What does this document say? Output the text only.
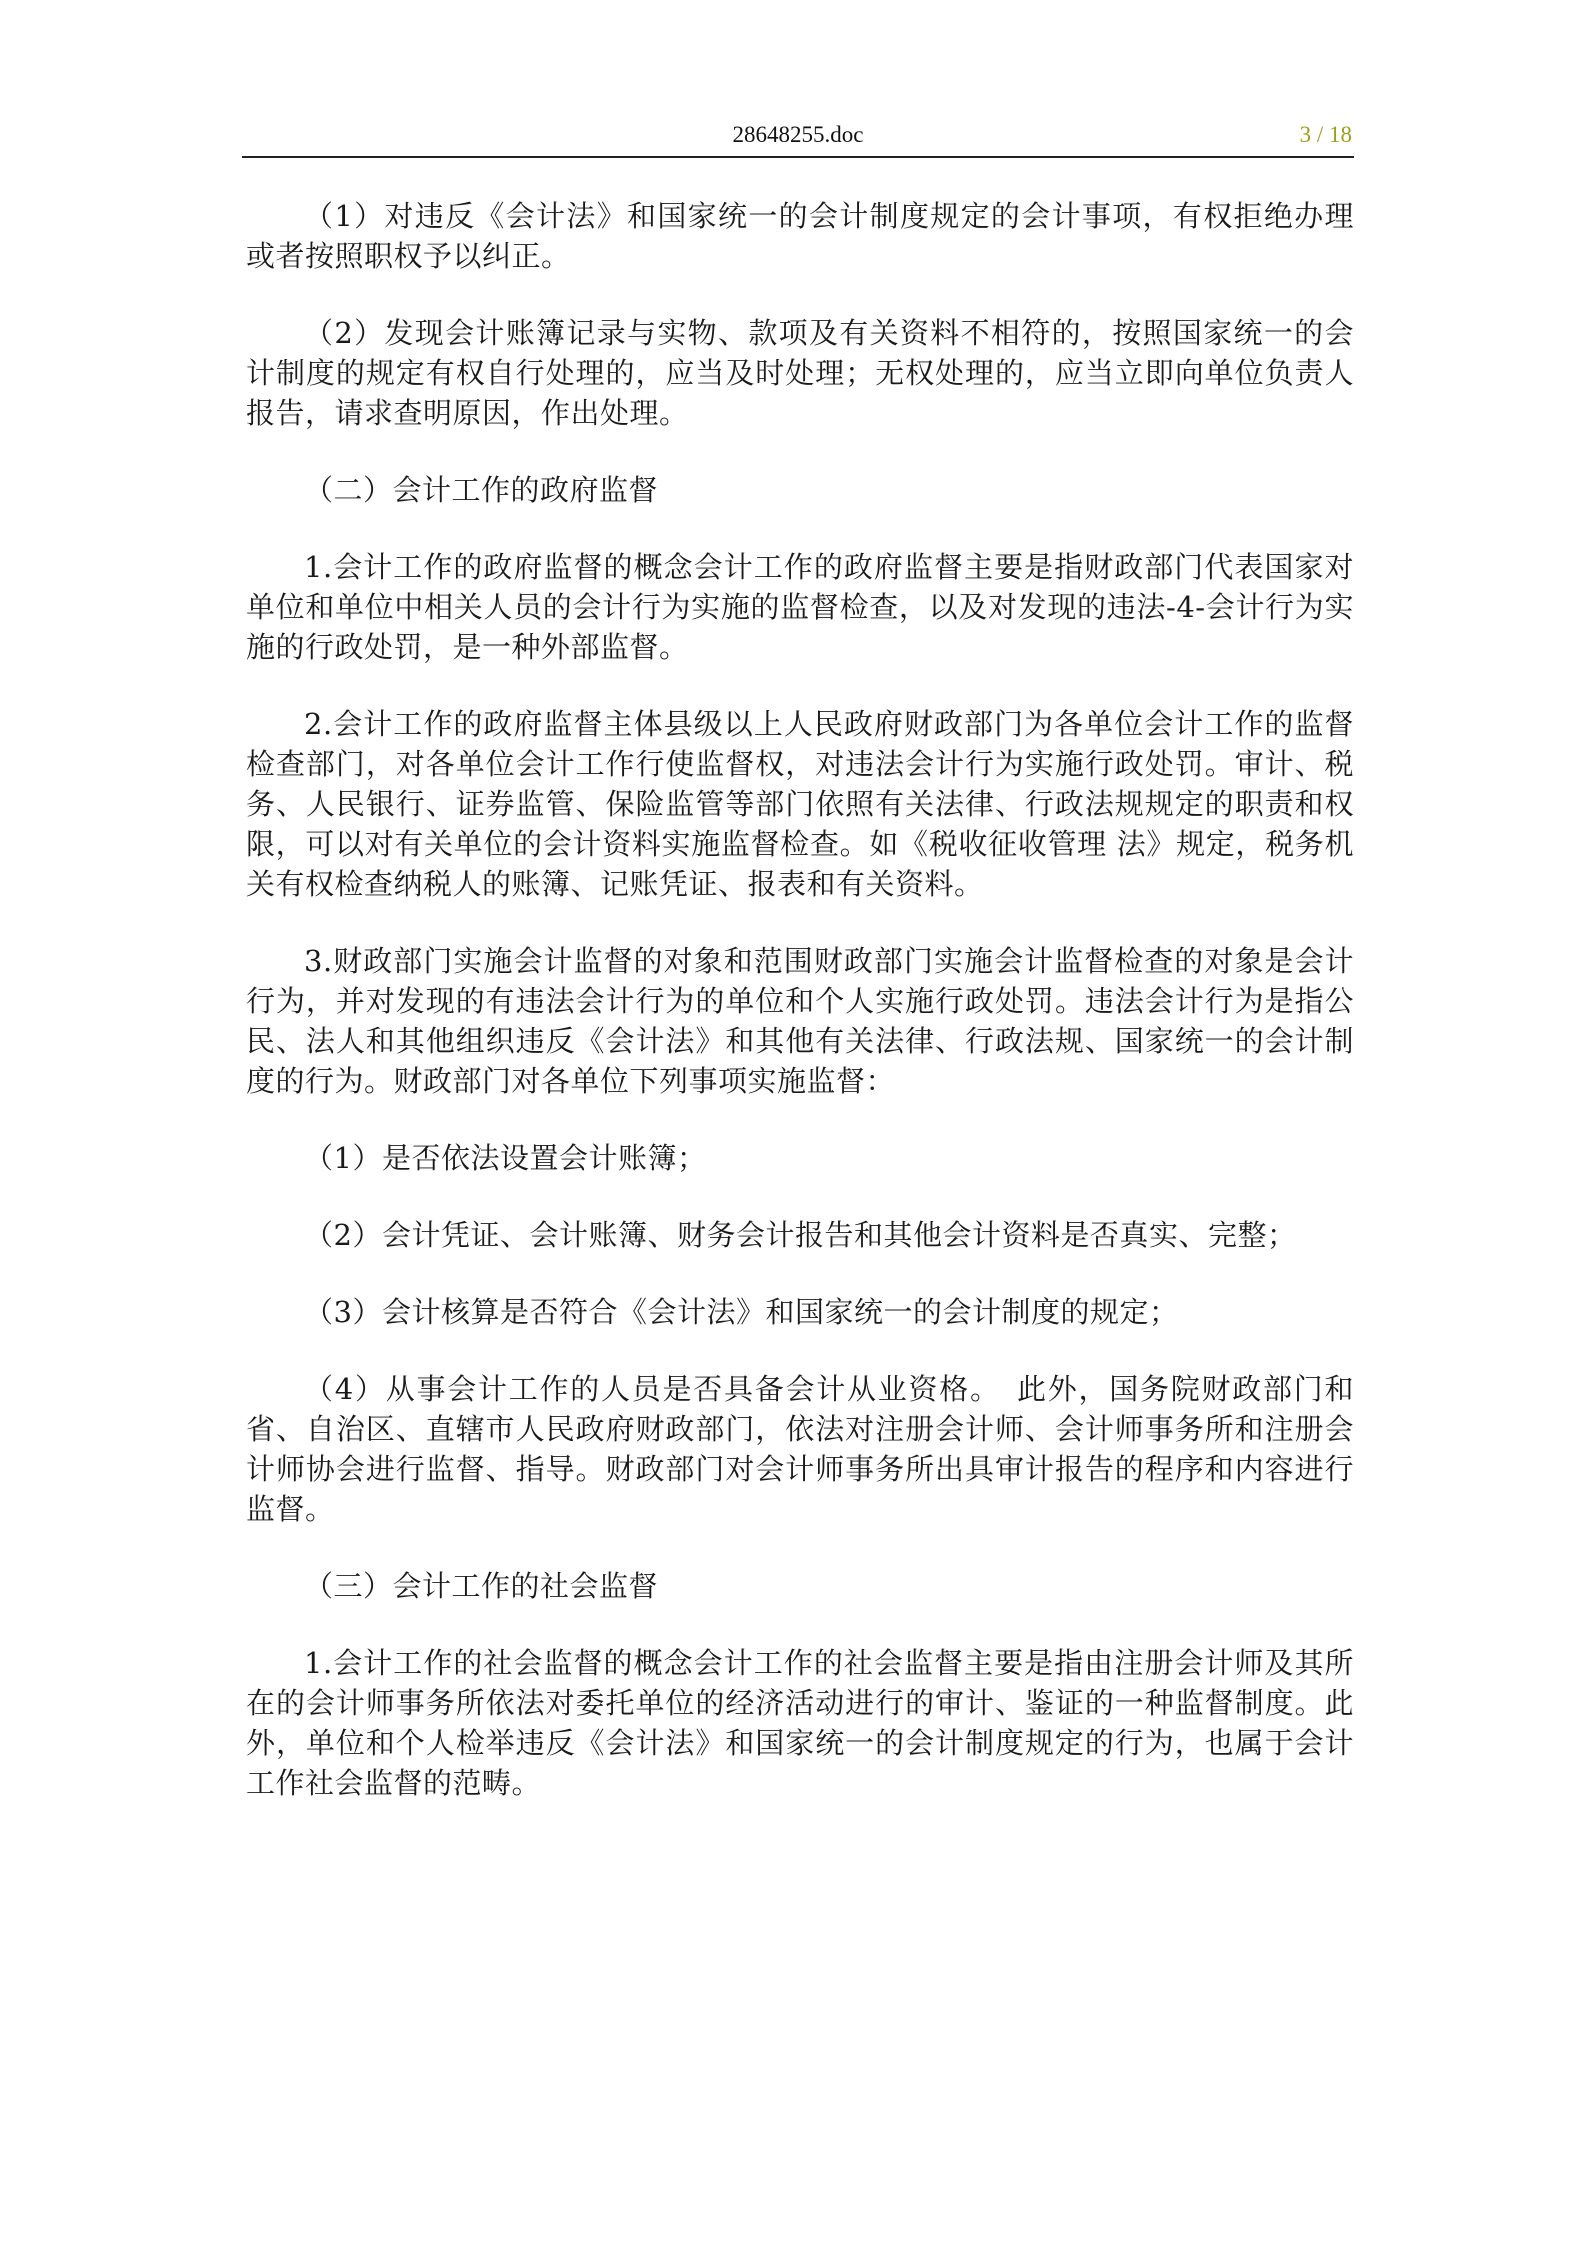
28648255.doc	3 / 18

（1）对违反《会计法》和国家统一的会计制度规定的会计事项，有权拒绝办理或者按照职权予以纠正。

（2）发现会计账簿记录与实物、款项及有关资料不相符的，按照国家统一的会计制度的规定有权自行处理的，应当及时处理；无权处理的，应当立即向单位负责人报告，请求查明原因，作出处理。

（二）会计工作的政府监督

1.会计工作的政府监督的概念会计工作的政府监督主要是指财政部门代表国家对单位和单位中相关人员的会计行为实施的监督检查，以及对发现的违法-4-会计行为实施的行政处罚，是一种外部监督。

2.会计工作的政府监督主体县级以上人民政府财政部门为各单位会计工作的监督检查部门，对各单位会计工作行使监督权，对违法会计行为实施行政处罚。审计、税务、人民银行、证券监管、保险监管等部门依照有关法律、行政法规规定的职责和权限，可以对有关单位的会计资料实施监督检查。如《税收征收管理 法》规定，税务机关有权检查纳税人的账簿、记账凭证、报表和有关资料。

3.财政部门实施会计监督的对象和范围财政部门实施会计监督检查的对象是会计行为，并对发现的有违法会计行为的单位和个人实施行政处罚。违法会计行为是指公民、法人和其他组织违反《会计法》和其他有关法律、行政法规、国家统一的会计制度的行为。财政部门对各单位下列事项实施监督：

（1）是否依法设置会计账簿；

（2）会计凭证、会计账簿、财务会计报告和其他会计资料是否真实、完整；

（3）会计核算是否符合《会计法》和国家统一的会计制度的规定；

（4）从事会计工作的人员是否具备会计从业资格。　此外，国务院财政部门和省、自治区、直辖市人民政府财政部门，依法对注册会计师、会计师事务所和注册会计师协会进行监督、指导。财政部门对会计师事务所出具审计报告的程序和内容进行监督。

（三）会计工作的社会监督

1.会计工作的社会监督的概念会计工作的社会监督主要是指由注册会计师及其所在的会计师事务所依法对委托单位的经济活动进行的审计、鉴证的一种监督制度。此外，单位和个人检举违反《会计法》和国家统一的会计制度规定的行为，也属于会计工作社会监督的范畴。
